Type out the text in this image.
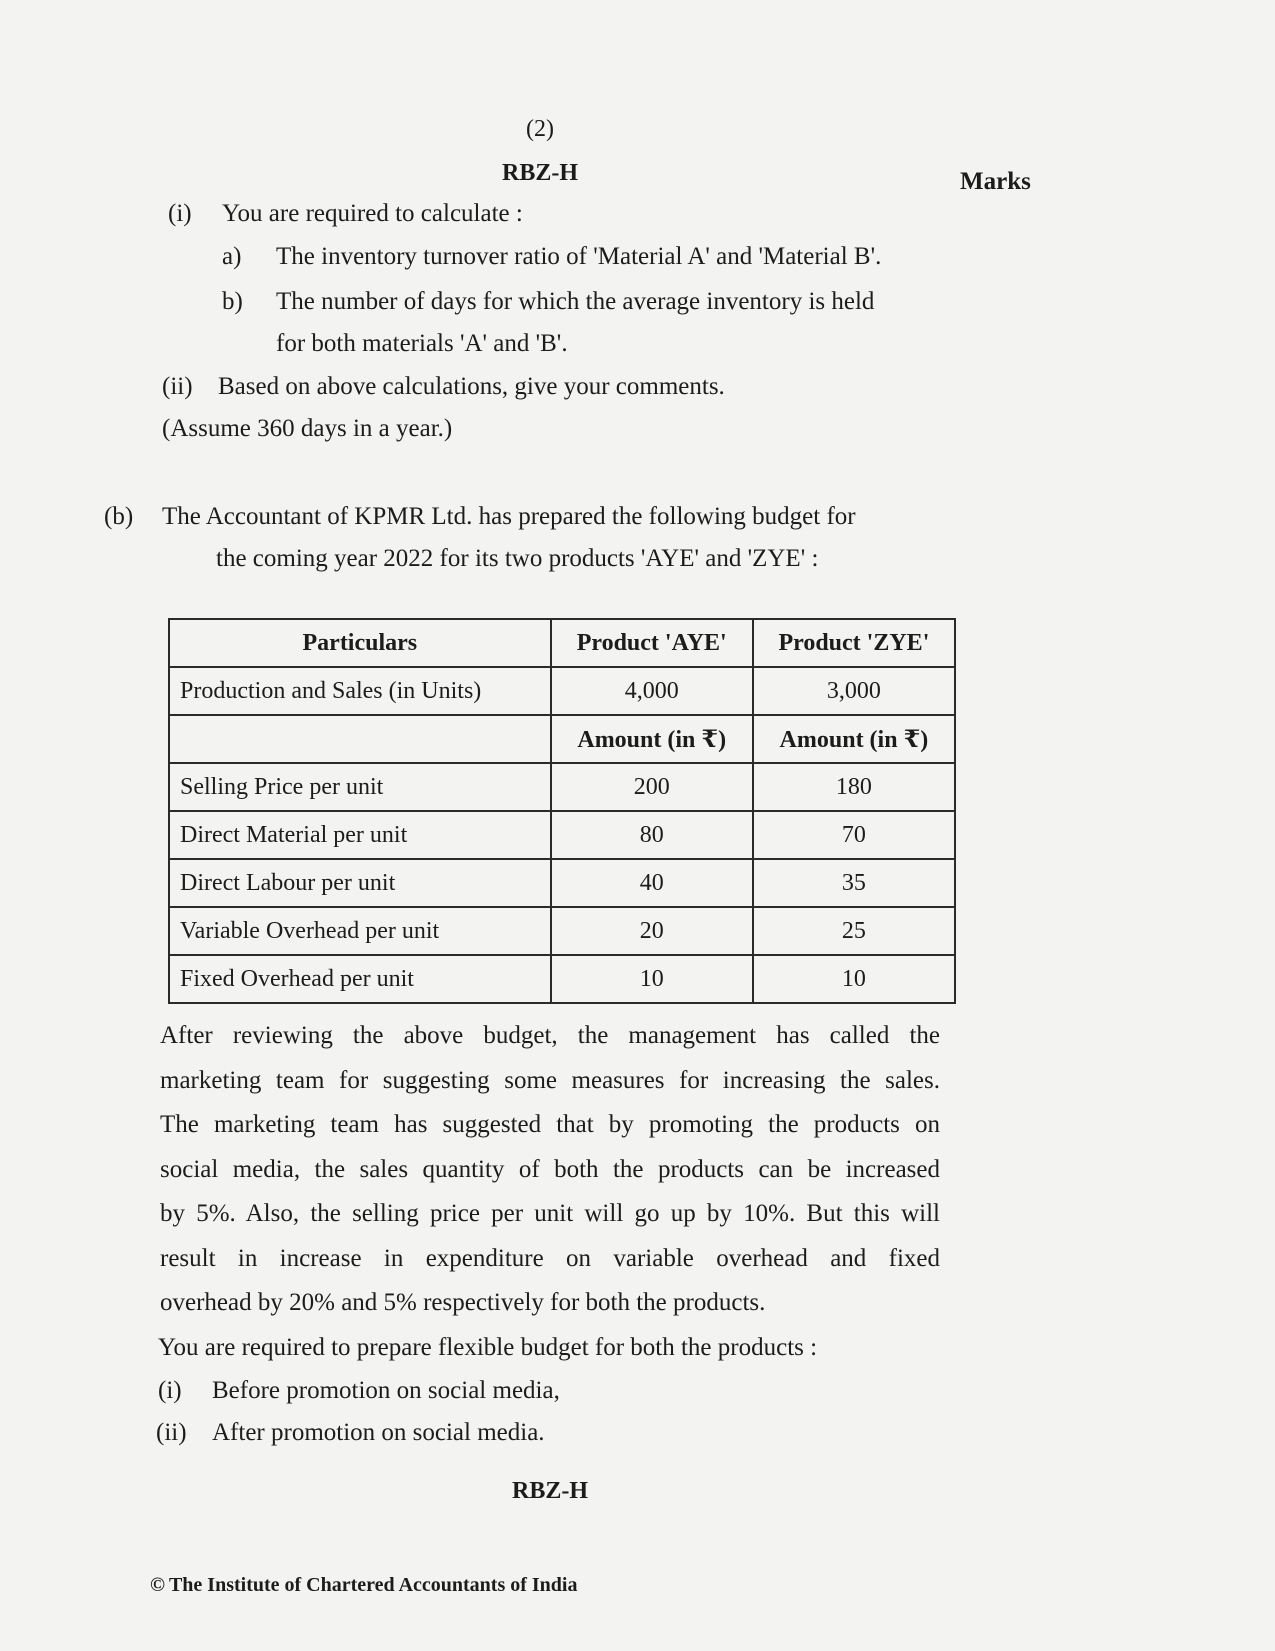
(2)
RBZ-H	Marks
(i) You are required to calculate :
a) The inventory turnover ratio of 'Material A' and 'Material B'.
b) The number of days for which the average inventory is held
for both materials 'A' and 'B'.
(ii) Based on above calculations, give your comments.
(Assume 360 days in a year.)
(b) The Accountant of KPMR Ltd. has prepared the following budget for
the coming year 2022 for its two products 'AYE' and 'ZYE' :
Particulars	Product 'AYE'	Product 'ZYE'
Production and Sales (in Units)	4,000	3,000
	Amount (in ₹)	Amount (in ₹)
Selling Price per unit	200	180
Direct Material per unit	80	70
Direct Labour per unit	40	35
Variable Overhead per unit	20	25
Fixed Overhead per unit	10	10
After reviewing the above budget, the management has called the
marketing team for suggesting some measures for increasing the sales.
The marketing team has suggested that by promoting the products on
social media, the sales quantity of both the products can be increased
by 5%. Also, the selling price per unit will go up by 10%. But this will
result in increase in expenditure on variable overhead and fixed
overhead by 20% and 5% respectively for both the products.
You are required to prepare flexible budget for both the products :
(i) Before promotion on social media,
(ii) After promotion on social media.
RBZ-H
© The Institute of Chartered Accountants of India
